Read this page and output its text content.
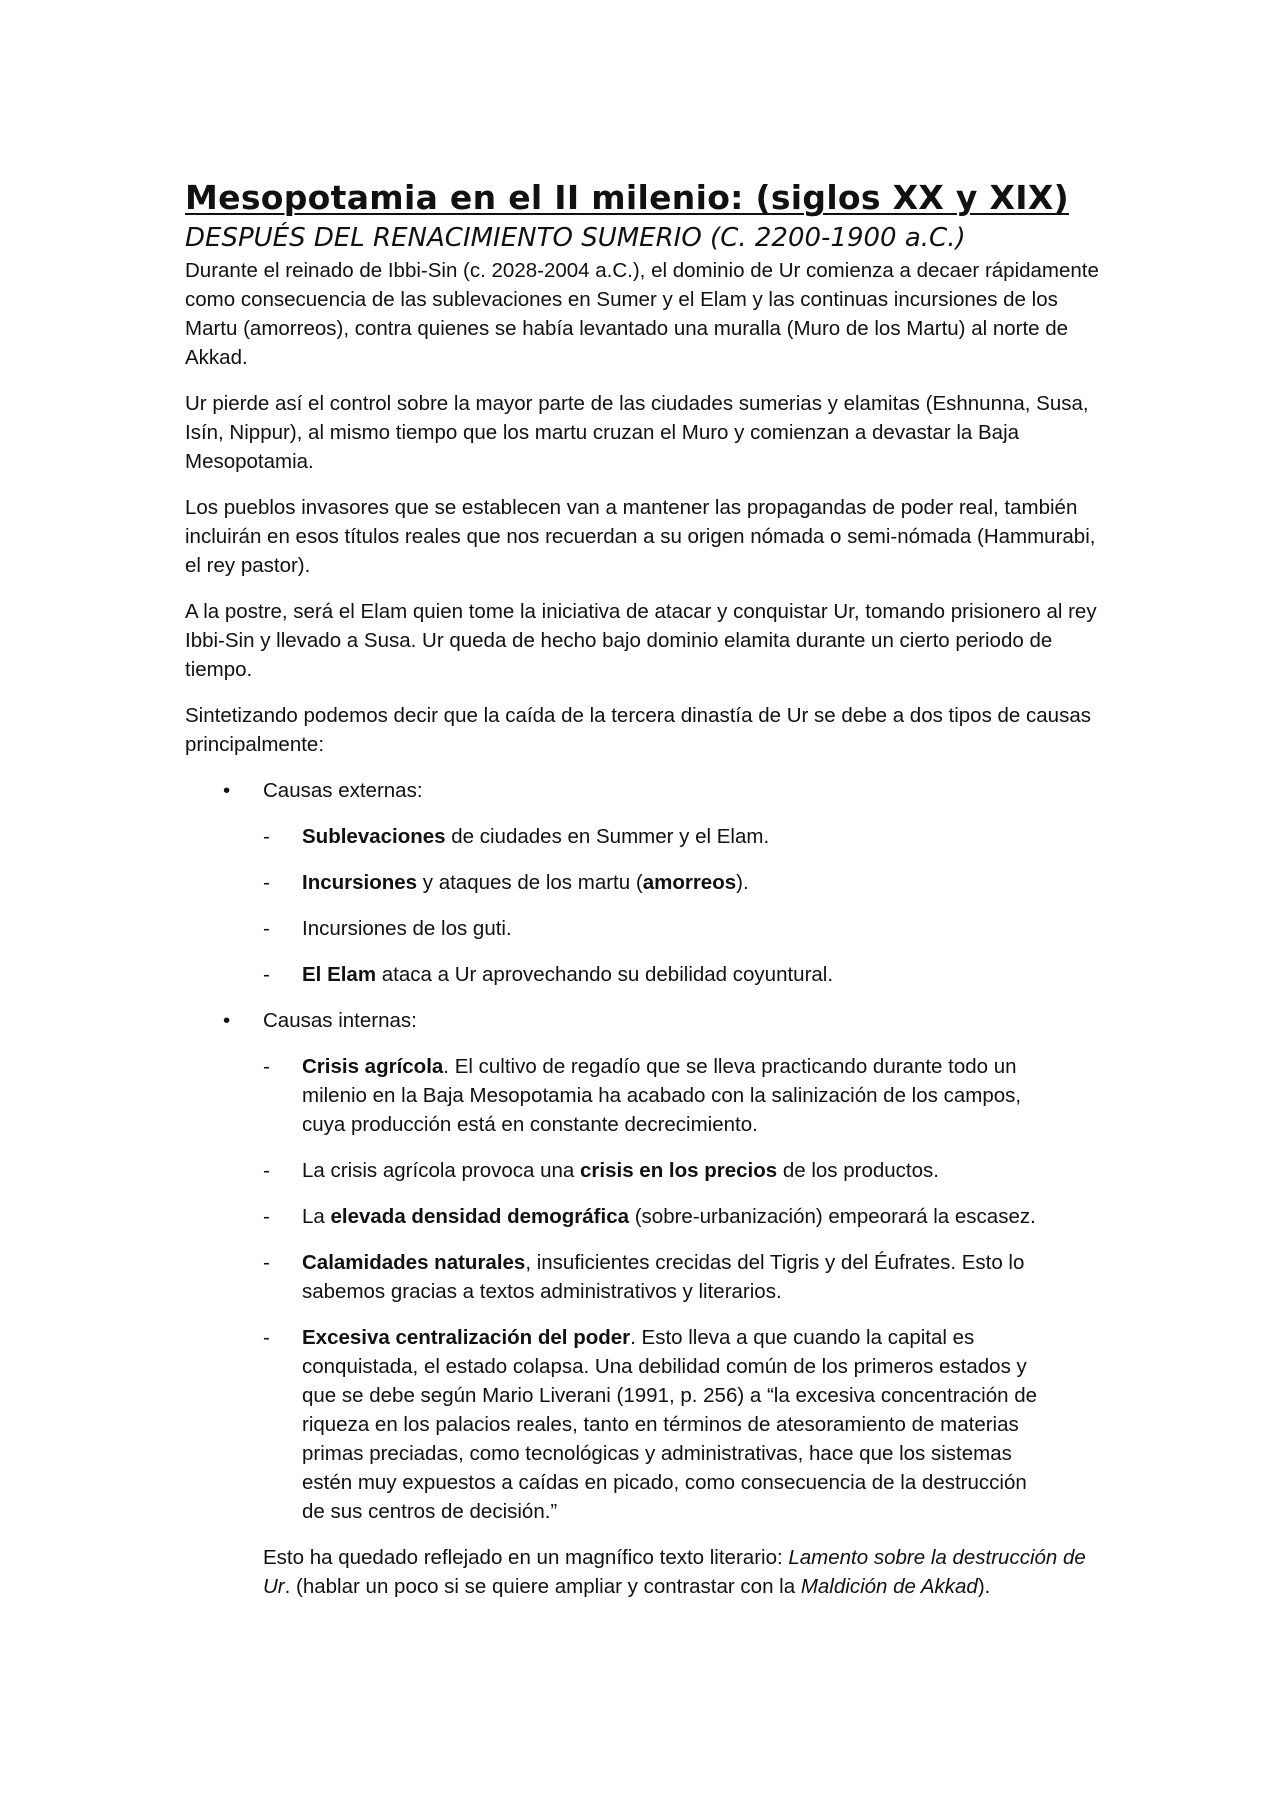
Mesopotamia en el II milenio: (siglos XX y XIX)
DESPUÉS DEL RENACIMIENTO SUMERIO (C. 2200-1900 a.C.)

Durante el reinado de Ibbi-Sin (c. 2028-2004 a.C.), el dominio de Ur comienza a decaer rápidamente como consecuencia de las sublevaciones en Sumer y el Elam y las continuas incursiones de los Martu (amorreos), contra quienes se había levantado una muralla (Muro de los Martu) al norte de Akkad.

Ur pierde así el control sobre la mayor parte de las ciudades sumerias y elamitas (Eshnunna, Susa, Isín, Nippur), al mismo tiempo que los martu cruzan el Muro y comienzan a devastar la Baja Mesopotamia.

Los pueblos invasores que se establecen van a mantener las propagandas de poder real, también incluirán en esos títulos reales que nos recuerdan a su origen nómada o semi-nómada (Hammurabi, el rey pastor).

A la postre, será el Elam quien tome la iniciativa de atacar y conquistar Ur, tomando prisionero al rey Ibbi-Sin y llevado a Susa. Ur queda de hecho bajo dominio elamita durante un cierto periodo de tiempo.

Sintetizando podemos decir que la caída de la tercera dinastía de Ur se debe a dos tipos de causas principalmente:

• Causas externas:
- Sublevaciones de ciudades en Summer y el Elam.
- Incursiones y ataques de los martu (amorreos).
- Incursiones de los guti.
- El Elam ataca a Ur aprovechando su debilidad coyuntural.
• Causas internas:
- Crisis agrícola. El cultivo de regadío que se lleva practicando durante todo un milenio en la Baja Mesopotamia ha acabado con la salinización de los campos, cuya producción está en constante decrecimiento.
- La crisis agrícola provoca una crisis en los precios de los productos.
- La elevada densidad demográfica (sobre-urbanización) empeorará la escasez.
- Calamidades naturales, insuficientes crecidas del Tigris y del Éufrates. Esto lo sabemos gracias a textos administrativos y literarios.
- Excesiva centralización del poder. Esto lleva a que cuando la capital es conquistada, el estado colapsa. Una debilidad común de los primeros estados y que se debe según Mario Liverani (1991, p. 256) a “la excesiva concentración de riqueza en los palacios reales, tanto en términos de atesoramiento de materias primas preciadas, como tecnológicas y administrativas, hace que los sistemas estén muy expuestos a caídas en picado, como consecuencia de la destrucción de sus centros de decisión.”

Esto ha quedado reflejado en un magnífico texto literario: Lamento sobre la destrucción de Ur. (hablar un poco si se quiere ampliar y contrastar con la Maldición de Akkad).
